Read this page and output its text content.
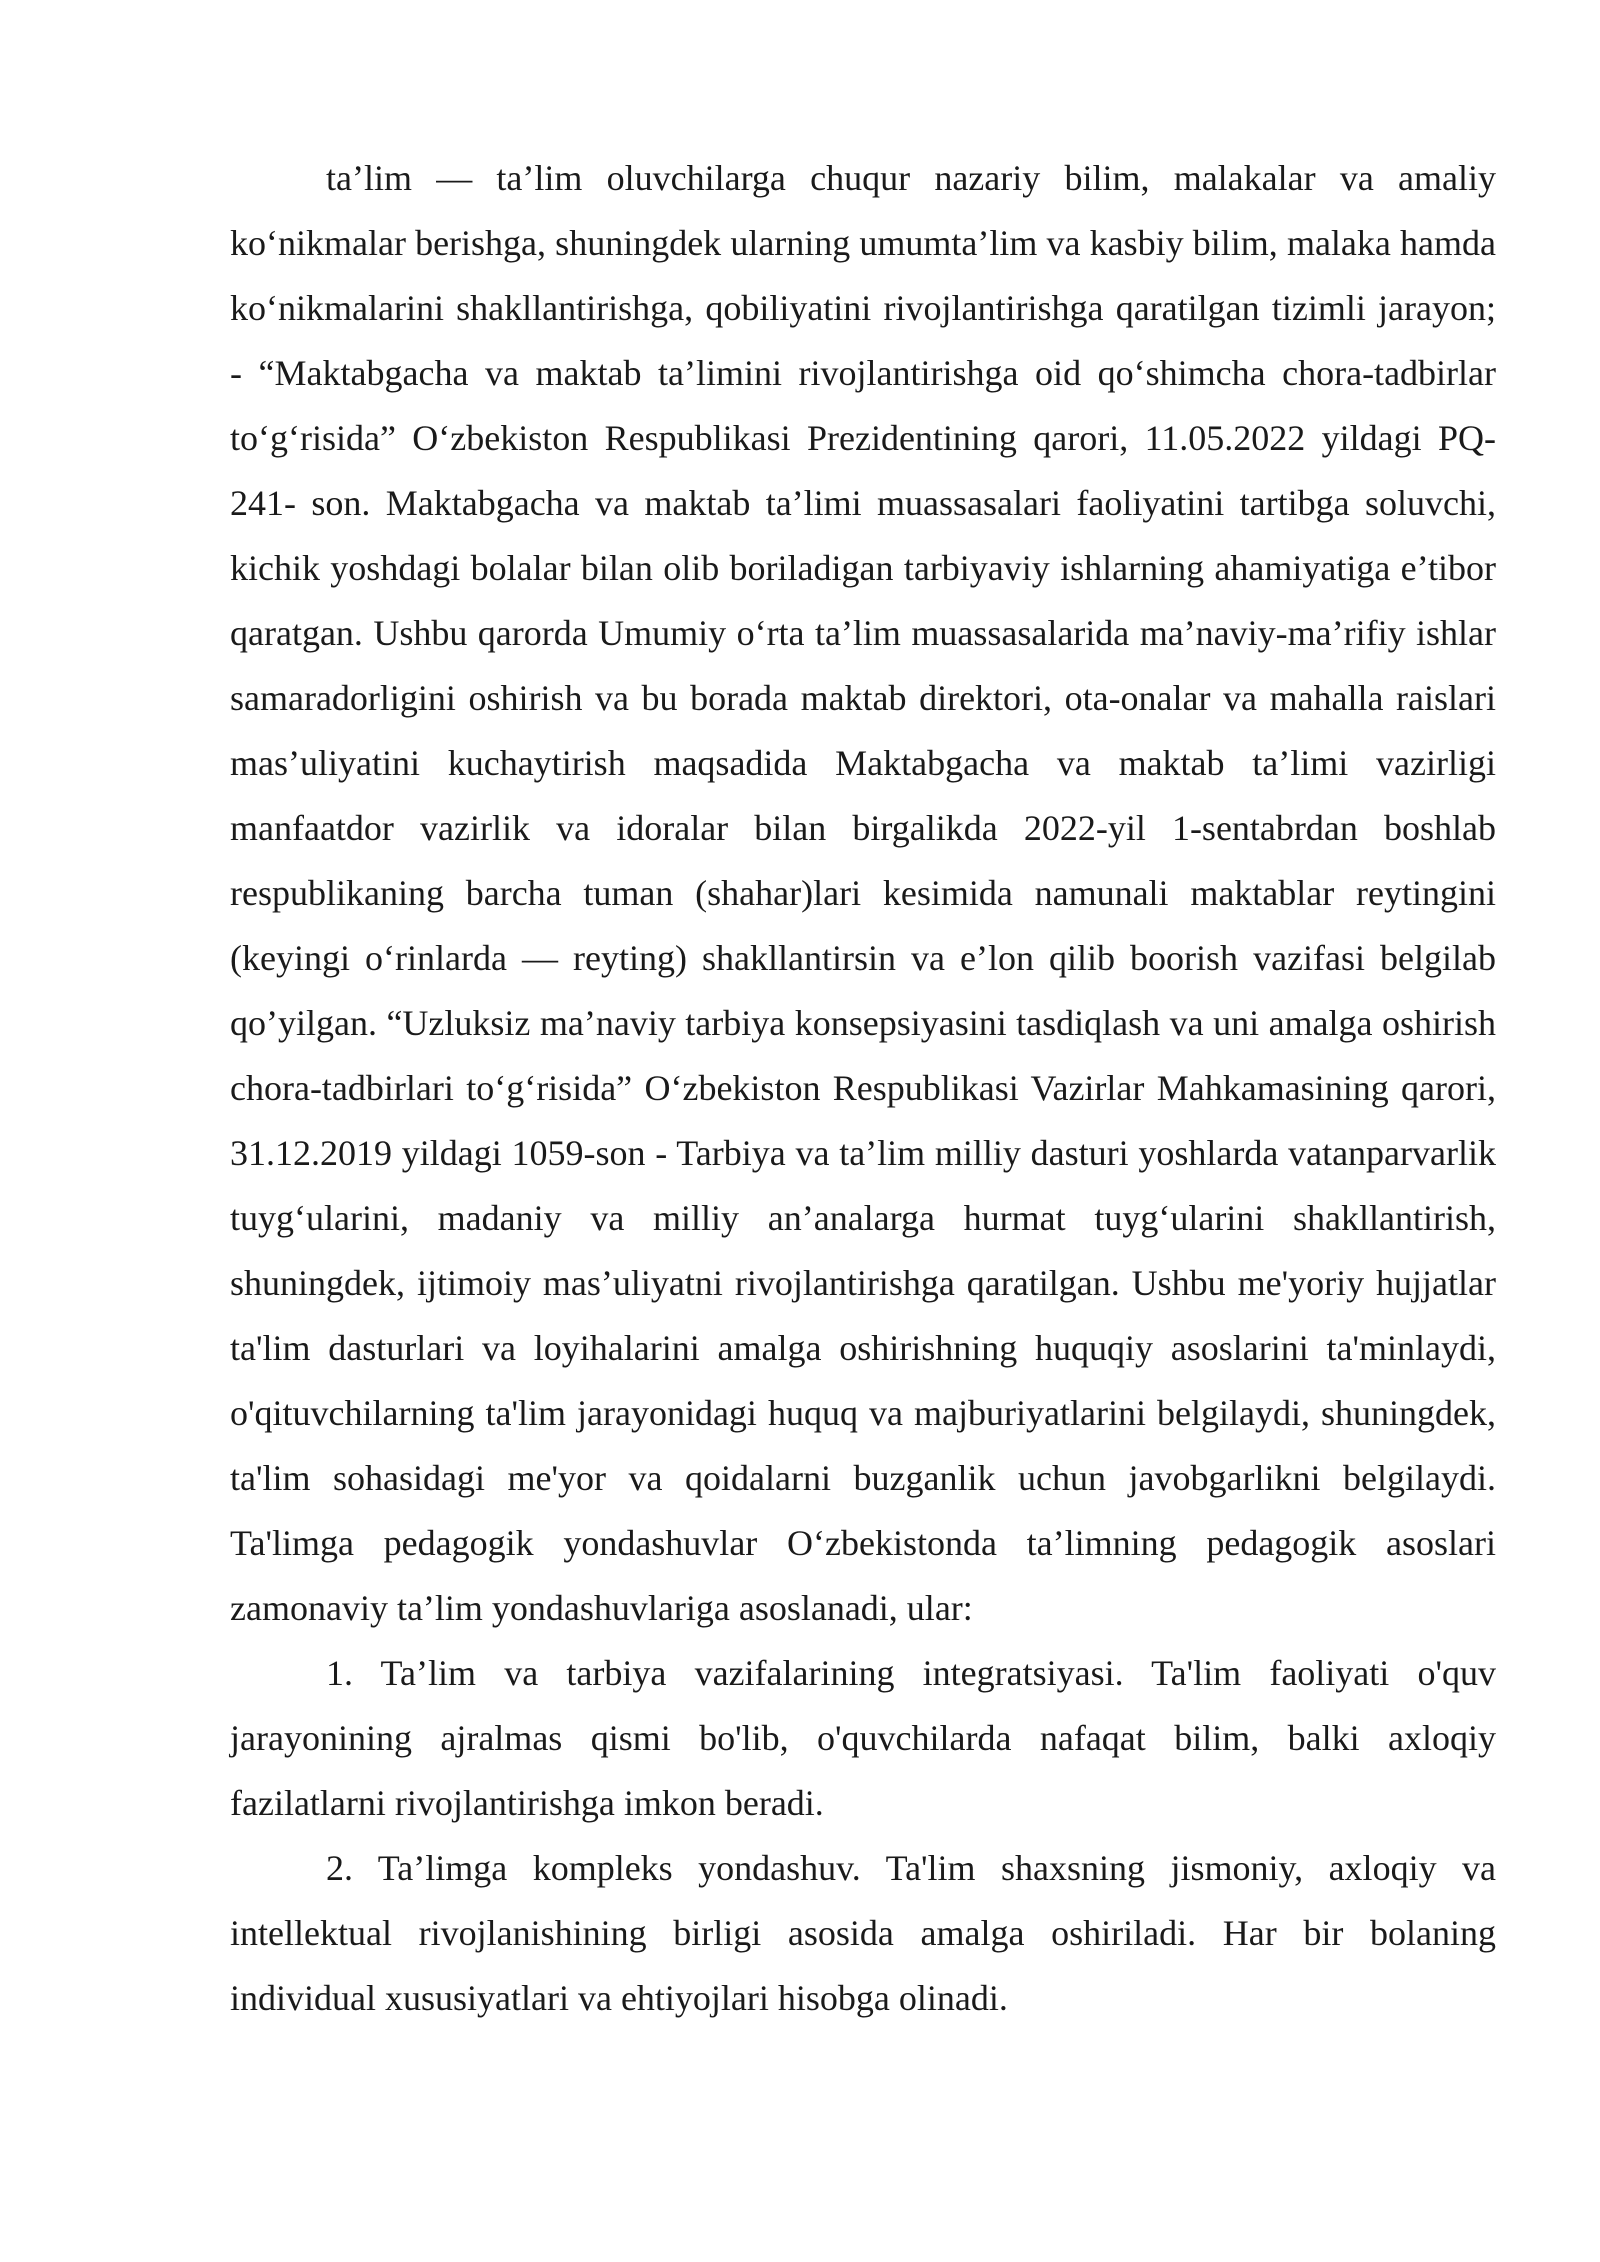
ta’lim — ta’lim oluvchilarga chuqur nazariy bilim, malakalar va amaliy ko‘nikmalar berishga, shuningdek ularning umumta’lim va kasbiy bilim, malaka hamda ko‘nikmalarini shakllantirishga, qobiliyatini rivojlantirishga qaratilgan tizimli jarayon; - “Maktabgacha va maktab ta’limini rivojlantirishga oid qo‘shimcha chora-tadbirlar to‘g‘risida” O‘zbekiston Respublikasi Prezidentining qarori, 11.05.2022 yildagi PQ-241- son. Maktabgacha va maktab ta’limi muassasalari faoliyatini tartibga soluvchi, kichik yoshdagi bolalar bilan olib boriladigan tarbiyaviy ishlarning ahamiyatiga e’tibor qaratgan. Ushbu qarorda Umumiy o‘rta ta’lim muassasalarida ma’naviy-ma’rifiy ishlar samaradorligini oshirish va bu borada maktab direktori, ota-onalar va mahalla raislari mas’uliyatini kuchaytirish maqsadida Maktabgacha va maktab ta’limi vazirligi manfaatdor vazirlik va idoralar bilan birgalikda 2022-yil 1-sentabrdan boshlab respublikaning barcha tuman (shahar)lari kesimida namunali maktablar reytingini (keyingi o‘rinlarda — reyting) shakllantirsin va e’lon qilib boorish vazifasi belgilab qo’yilgan. “Uzluksiz ma’naviy tarbiya konsepsiyasini tasdiqlash va uni amalga oshirish chora-tadbirlari to‘g‘risida” O‘zbekiston Respublikasi Vazirlar Mahkamasining qarori, 31.12.2019 yildagi 1059-son - Tarbiya va ta’lim milliy dasturi yoshlarda vatanparvarlik tuyg‘ularini, madaniy va milliy an’analarga hurmat tuyg‘ularini shakllantirish, shuningdek, ijtimoiy mas’uliyatni rivojlantirishga qaratilgan. Ushbu me'yoriy hujjatlar ta'lim dasturlari va loyihalarini amalga oshirishning huquqiy asoslarini ta'minlaydi, o'qituvchilarning ta'lim jarayonidagi huquq va majburiyatlarini belgilaydi, shuningdek, ta'lim sohasidagi me'yor va qoidalarni buzganlik uchun javobgarlikni belgilaydi. Ta'limga pedagogik yondashuvlar O‘zbekistonda ta’limning pedagogik asoslari zamonaviy ta’lim yondashuvlariga asoslanadi, ular:

1. Ta’lim va tarbiya vazifalarining integratsiyasi. Ta'lim faoliyati o'quv jarayonining ajralmas qismi bo'lib, o'quvchilarda nafaqat bilim, balki axloqiy fazilatlarni rivojlantirishga imkon beradi.

2. Ta’limga kompleks yondashuv. Ta'lim shaxsning jismoniy, axloqiy va intellektual rivojlanishining birligi asosida amalga oshiriladi. Har bir bolaning individual xususiyatlari va ehtiyojlari hisobga olinadi.
